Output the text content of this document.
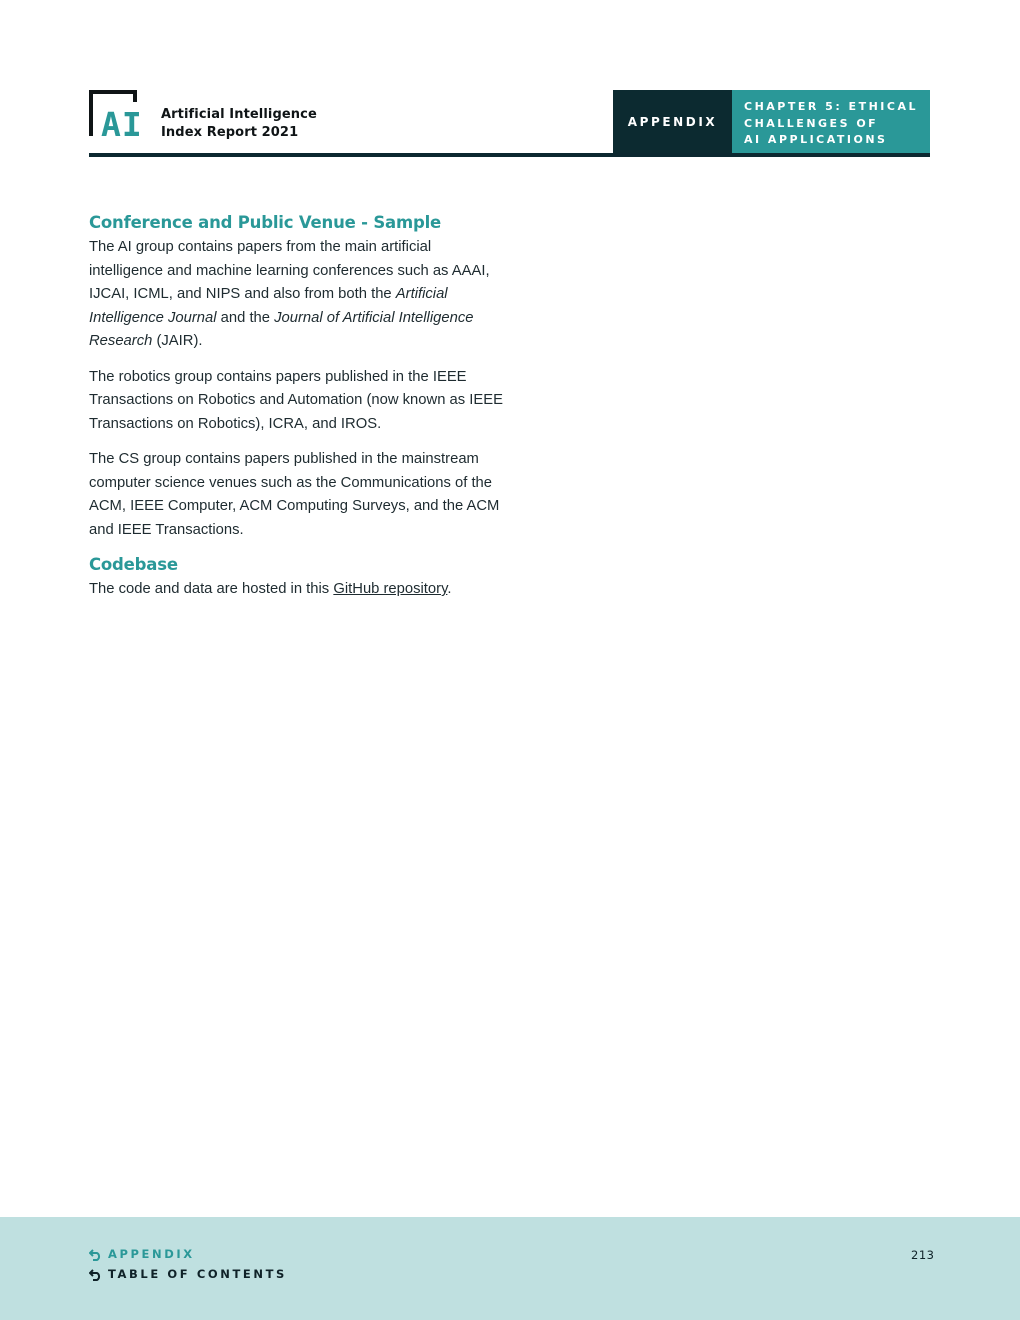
AI Artificial Intelligence
Index Report 2021
APPENDIX
CHAPTER 5: ETHICAL
CHALLENGES OF
AI APPLICATIONS
Conference and Public Venue - Sample

The AI group contains papers from the main artificial intelligence and machine learning conferences such as AAAI, IJCAI, ICML, and NIPS and also from both the Artificial Intelligence Journal and the Journal of Artificial Intelligence Research (JAIR).

The robotics group contains papers published in the IEEE Transactions on Robotics and Automation (now known as IEEE Transactions on Robotics), ICRA, and IROS.

The CS group contains papers published in the mainstream computer science venues such as the Communications of the ACM, IEEE Computer, ACM Computing Surveys, and the ACM and IEEE Transactions.

Codebase

The code and data are hosted in this GitHub repository.

APPENDIX
TABLE OF CONTENTS
213
